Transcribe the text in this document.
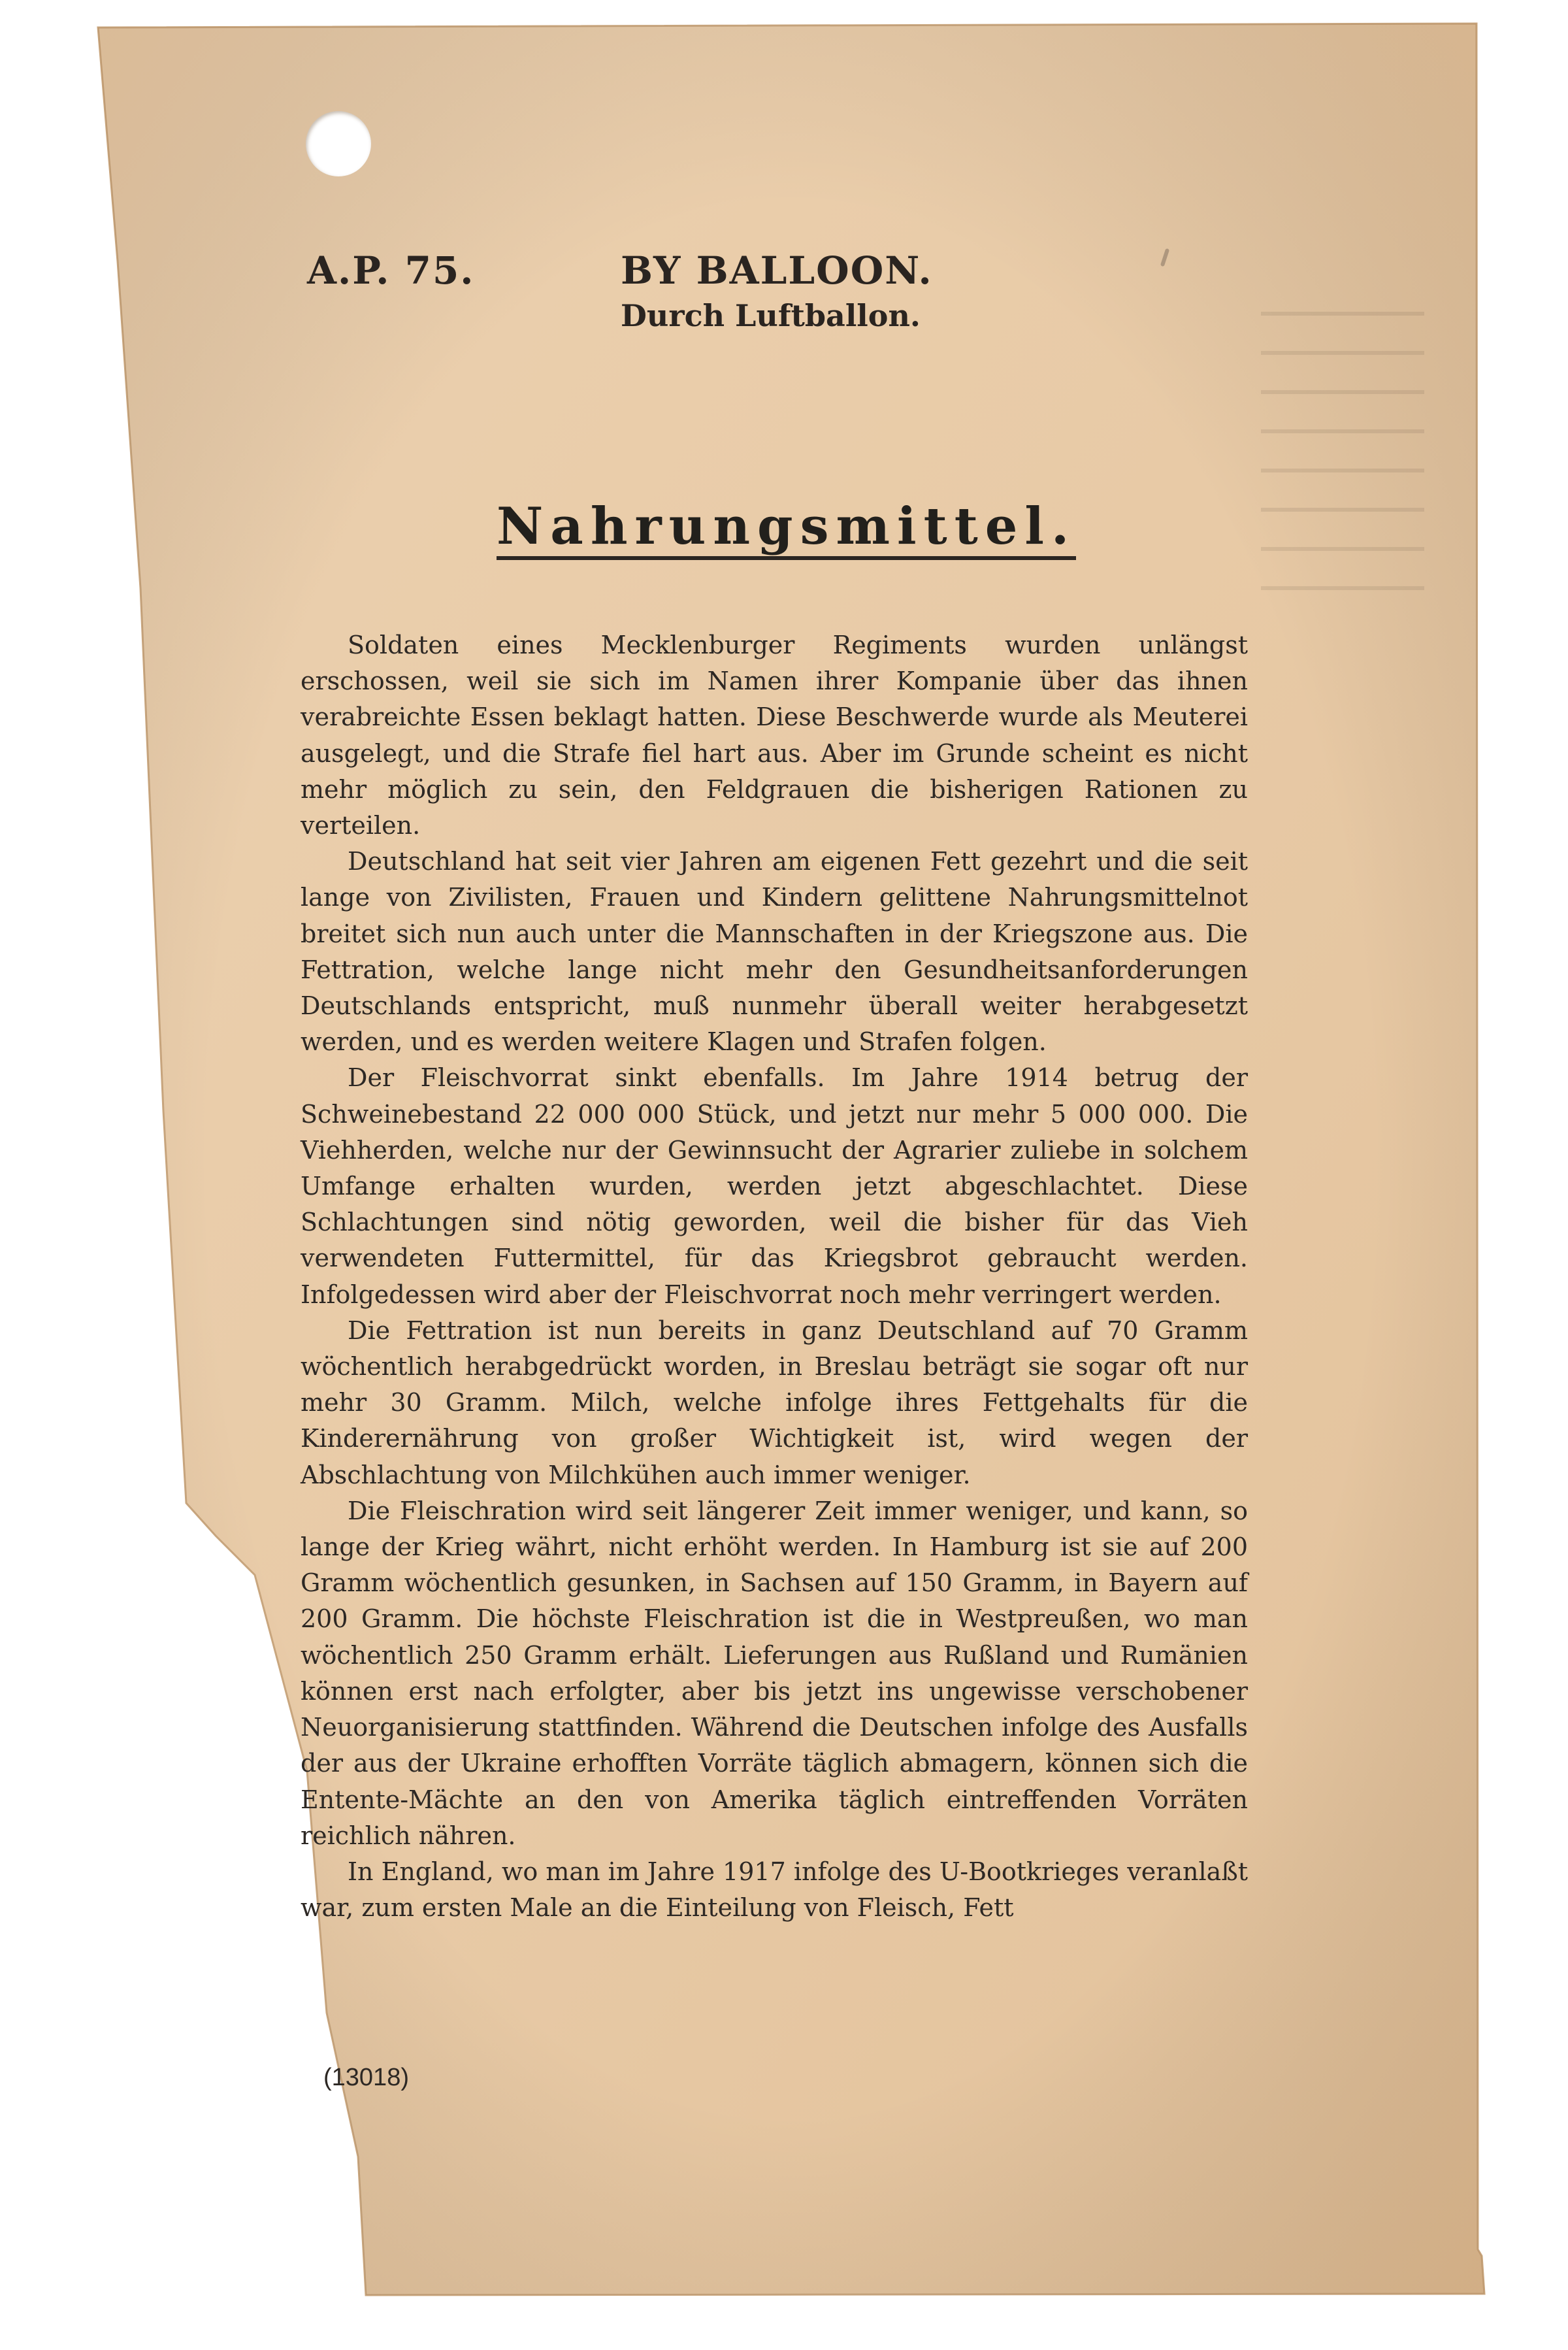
A.P. 75.	BY BALLOON.
Durch Luftballon.
Nahrungsmittel.

Soldaten eines Mecklenburger Regiments wurden unlängst erschossen, weil sie sich im Namen ihrer Kompanie über das ihnen verabreichte Essen beklagt hatten. Diese Beschwerde wurde als Meuterei ausgelegt, und die Strafe fiel hart aus. Aber im Grunde scheint es nicht mehr möglich zu sein, den Feldgrauen die bisherigen Rationen zu verteilen.

Deutschland hat seit vier Jahren am eigenen Fett gezehrt und die seit lange von Zivilisten, Frauen und Kindern gelittene Nahrungsmittelnot breitet sich nun auch unter die Mannschaften in der Kriegszone aus. Die Fettration, welche lange nicht mehr den Gesundheitsanforderungen Deutschlands entspricht, muß nunmehr überall weiter herabgesetzt werden, und es werden weitere Klagen und Strafen folgen.

Der Fleischvorrat sinkt ebenfalls. Im Jahre 1914 betrug der Schweinebestand 22 000 000 Stück, und jetzt nur mehr 5 000 000. Die Viehherden, welche nur der Gewinnsucht der Agrarier zuliebe in solchem Umfange erhalten wurden, werden jetzt abgeschlachtet. Diese Schlachtungen sind nötig geworden, weil die bisher für das Vieh verwendeten Futtermittel, für das Kriegsbrot gebraucht werden. Infolgedessen wird aber der Fleischvorrat noch mehr verringert werden.

Die Fettration ist nun bereits in ganz Deutschland auf 70 Gramm wöchentlich herabgedrückt worden, in Breslau beträgt sie sogar oft nur mehr 30 Gramm. Milch, welche infolge ihres Fettgehalts für die Kinderernährung von großer Wichtigkeit ist, wird wegen der Abschlachtung von Milchkühen auch immer weniger.

Die Fleischration wird seit längerer Zeit immer weniger, und kann, so lange der Krieg währt, nicht erhöht werden. In Hamburg ist sie auf 200 Gramm wöchentlich gesunken, in Sachsen auf 150 Gramm, in Bayern auf 200 Gramm. Die höchste Fleischration ist die in Westpreußen, wo man wöchentlich 250 Gramm erhält. Lieferungen aus Rußland und Rumänien können erst nach erfolgter, aber bis jetzt ins ungewisse verschobener Neuorganisierung stattfinden. Während die Deutschen infolge des Ausfalls der aus der Ukraine erhofften Vorräte täglich abmagern, können sich die Entente-Mächte an den von Amerika täglich eintreffenden Vorräten reichlich nähren.

In England, wo man im Jahre 1917 infolge des U-Bootkrieges veranlaßt war, zum ersten Male an die Einteilung von Fleisch, Fett

(13018)
